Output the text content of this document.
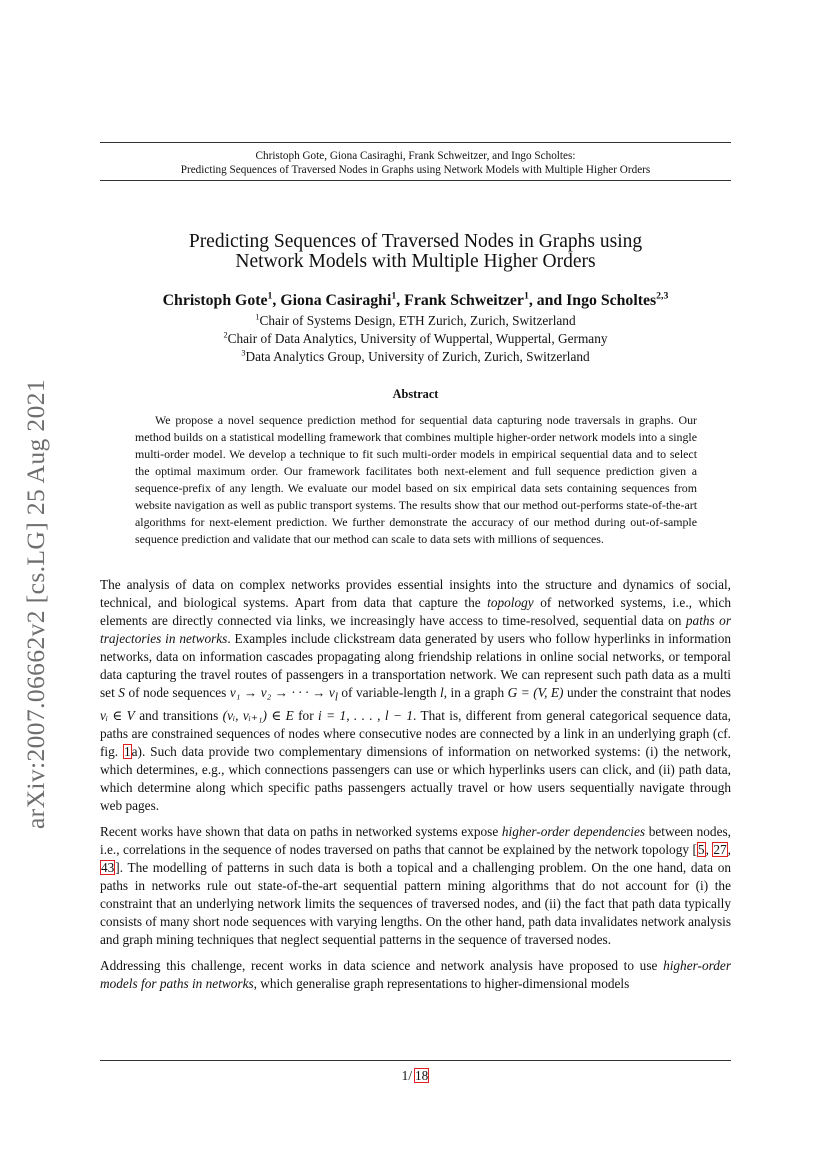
Christoph Gote, Giona Casiraghi, Frank Schweitzer, and Ingo Scholtes:
Predicting Sequences of Traversed Nodes in Graphs using Network Models with Multiple Higher Orders
arXiv:2007.06662v2 [cs.LG] 25 Aug 2021
Predicting Sequences of Traversed Nodes in Graphs using
Network Models with Multiple Higher Orders
Christoph Gote$^1$, Giona Casiraghi$^1$, Frank Schweitzer$^1$, and Ingo Scholtes$^{2,3}$
$^1$Chair of Systems Design, ETH Zurich, Zurich, Switzerland
$^2$Chair of Data Analytics, University of Wuppertal, Wuppertal, Germany
$^3$Data Analytics Group, University of Zurich, Zurich, Switzerland
Abstract
We propose a novel sequence prediction method for sequential data capturing node traversals in graphs. Our method builds on a statistical modelling framework that combines multiple higher-order network models into a single multi-order model. We develop a technique to fit such multi-order models in empirical sequential data and to select the optimal maximum order. Our framework facilitates both next-element and full sequence prediction given a sequence-prefix of any length. We evaluate our model based on six empirical data sets containing sequences from website navigation as well as public transport systems. The results show that our method out-performs state-of-the-art algorithms for next-element prediction. We further demonstrate the accuracy of our method during out-of-sample sequence prediction and validate that our method can scale to data sets with millions of sequences.

The analysis of data on complex networks provides essential insights into the structure and dynamics of social, technical, and biological systems. Apart from data that capture the topology of networked systems, i.e., which elements are directly connected via links, we increasingly have access to time-resolved, sequential data on paths or trajectories in networks. Examples include clickstream data generated by users who follow hyperlinks in information networks, data on information cascades propagating along friendship relations in online social networks, or temporal data capturing the travel routes of passengers in a transportation network. We can represent such path data as a multi set S of node sequences v₁ → v₂ → · · · → $v_l$ of variable-length l, in a graph G = (V, E) under the constraint that nodes vᵢ ∈ V and transitions (vᵢ, vᵢ₊₁) ∈ E for i = 1, . . . , l − 1. That is, different from general categorical sequence data, paths are constrained sequences of nodes where consecutive nodes are connected by a link in an underlying graph (cf. fig. 1a). Such data provide two complementary dimensions of information on networked systems: (i) the network, which determines, e.g., which connections passengers can use or which hyperlinks users can click, and (ii) path data, which determine along which specific paths passengers actually travel or how users sequentially navigate through web pages.

Recent works have shown that data on paths in networked systems expose higher-order dependencies between nodes, i.e., correlations in the sequence of nodes traversed on paths that cannot be explained by the network topology [5, 27, 43]. The modelling of patterns in such data is both a topical and a challenging problem. On the one hand, data on paths in networks rule out state-of-the-art sequential pattern mining algorithms that do not account for (i) the constraint that an underlying network limits the sequences of traversed nodes, and (ii) the fact that path data typically consists of many short node sequences with varying lengths. On the other hand, path data invalidates network analysis and graph mining techniques that neglect sequential patterns in the sequence of traversed nodes.

Addressing this challenge, recent works in data science and network analysis have proposed to use higher-order models for paths in networks, which generalise graph representations to higher-dimensional models

1/ 18
